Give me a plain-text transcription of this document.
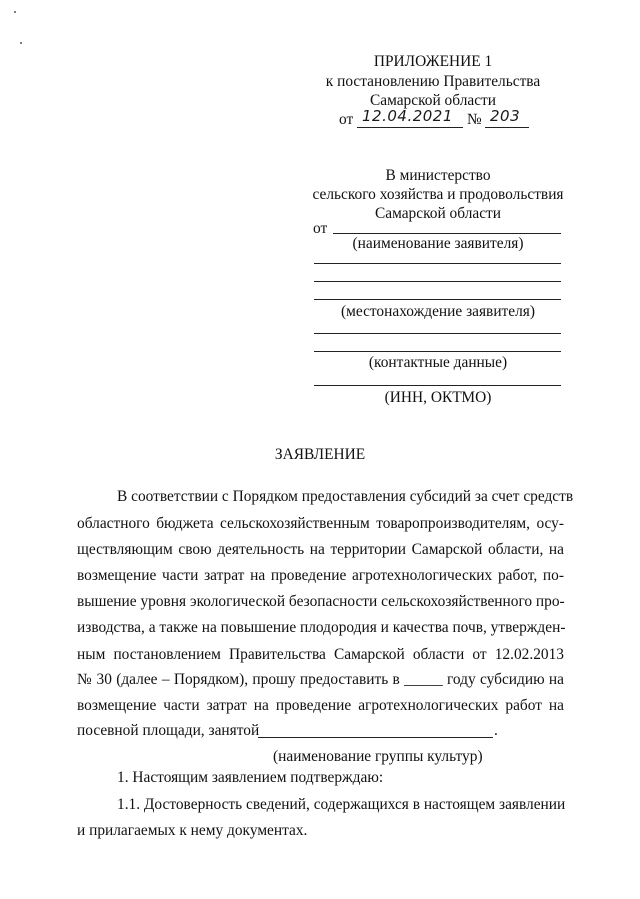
ПРИЛОЖЕНИЕ 1
к постановлению Правительства
Самарской области
от 12.04.2021 № 203
В министерство
сельского хозяйства и продовольствия
Самарской области
от
(наименование заявителя)
(местонахождение заявителя)
(контактные данные)
(ИНН, ОКТМО)
ЗАЯВЛЕНИЕ
В соответствии с Порядком предоставления субсидий за счет средств
областного бюджета сельскохозяйственным товаропроизводителям, осу-
ществляющим свою деятельность на территории Самарской области, на
возмещение части затрат на проведение агротехнологических работ, по-
вышение уровня экологической безопасности сельскохозяйственного про-
изводства, а также на повышение плодородия и качества почв, утвержден-
ным постановлением Правительства Самарской области от 12.02.2013
№ 30 (далее – Порядком), прошу предоставить в _____ году субсидию на
возмещение части затрат на проведение агротехнологических работ на
посевной площади, занятой	.
(наименование группы культур)
1. Настоящим заявлением подтверждаю:
1.1. Достоверность сведений, содержащихся в настоящем заявлении
и прилагаемых к нему документах.
